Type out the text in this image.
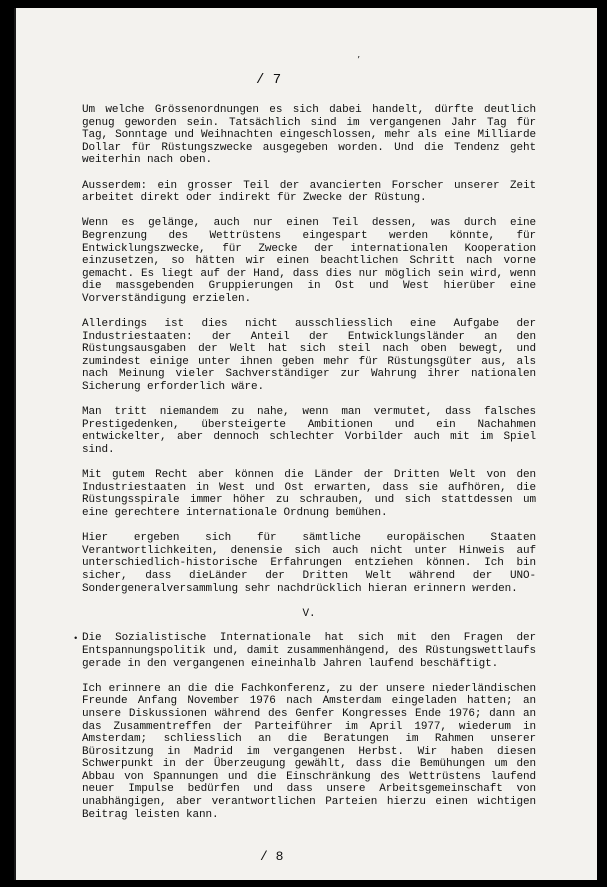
’
/ 7

Um welche Grössenordnungen es sich dabei handelt, dürfte deutlich genug geworden sein. Tatsächlich sind im vergangenen Jahr Tag für Tag, Sonntage und Weihnachten eingeschlossen, mehr als eine Milliarde Dollar für Rüstungszwecke ausgegeben worden. Und die Tendenz geht weiterhin nach oben.

Ausserdem: ein grosser Teil der avancierten Forscher unserer Zeit arbeitet direkt oder indirekt für Zwecke der Rüstung.

Wenn es gelänge, auch nur einen Teil dessen, was durch eine Begrenzung des Wettrüstens eingespart werden könnte, für Entwicklungszwecke, für Zwecke der internationalen Kooperation einzusetzen, so hätten wir einen beachtlichen Schritt nach vorne gemacht. Es liegt auf der Hand, dass dies nur möglich sein wird, wenn die massgebenden Gruppierungen in Ost und West hierüber eine Vorverständigung erzielen.

Allerdings ist dies nicht ausschliesslich eine Aufgabe der Industriestaaten: der Anteil der Entwicklungsländer an den Rüstungsausgaben der Welt hat sich steil nach oben bewegt, und zumindest einige unter ihnen geben mehr für Rüstungsgüter aus, als nach Meinung vieler Sachverständiger zur Wahrung ihrer nationalen Sicherung erforderlich wäre.

Man tritt niemandem zu nahe, wenn man vermutet, dass falsches Prestigedenken, übersteigerte Ambitionen und ein Nachahmen entwickelter, aber dennoch schlechter Vorbilder auch mit im Spiel sind.

Mit gutem Recht aber können die Länder der Dritten Welt von den Industriestaaten in West und Ost erwarten, dass sie aufhören, die Rüstungsspirale immer höher zu schrauben, und sich stattdessen um eine gerechtere internationale Ordnung bemühen.

Hier ergeben sich für sämtliche europäischen Staaten Verantwortlichkeiten, denensie sich auch nicht unter Hinweis auf unterschiedlich-historische Erfahrungen entziehen können. Ich bin sicher, dass dieLänder der Dritten Welt während der UNO-Sondergeneralversammlung sehr nachdrücklich hieran erinnern werden.

V.
• Die Sozialistische Internationale hat sich mit den Fragen der Entspannungspolitik und, damit zusammenhängend, des Rüstungswettlaufs gerade in den vergangenen eineinhalb Jahren laufend beschäftigt.

Ich erinnere an die die Fachkonferenz, zu der unsere niederländischen Freunde Anfang November 1976 nach Amsterdam eingeladen hatten; an unsere Diskussionen während des Genfer Kongresses Ende 1976; dann an das Zusammentreffen der Parteiführer im April 1977, wiederum in Amsterdam; schliesslich an die Beratungen im Rahmen unserer Bürositzung in Madrid im vergangenen Herbst. Wir haben diesen Schwerpunkt in der Überzeugung gewählt, dass die Bemühungen um den Abbau von Spannungen und die Einschränkung des Wettrüstens laufend neuer Impulse bedürfen und dass unsere Arbeitsgemeinschaft von unabhängigen, aber verantwortlichen Parteien hierzu einen wichtigen Beitrag leisten kann.

/ 8
